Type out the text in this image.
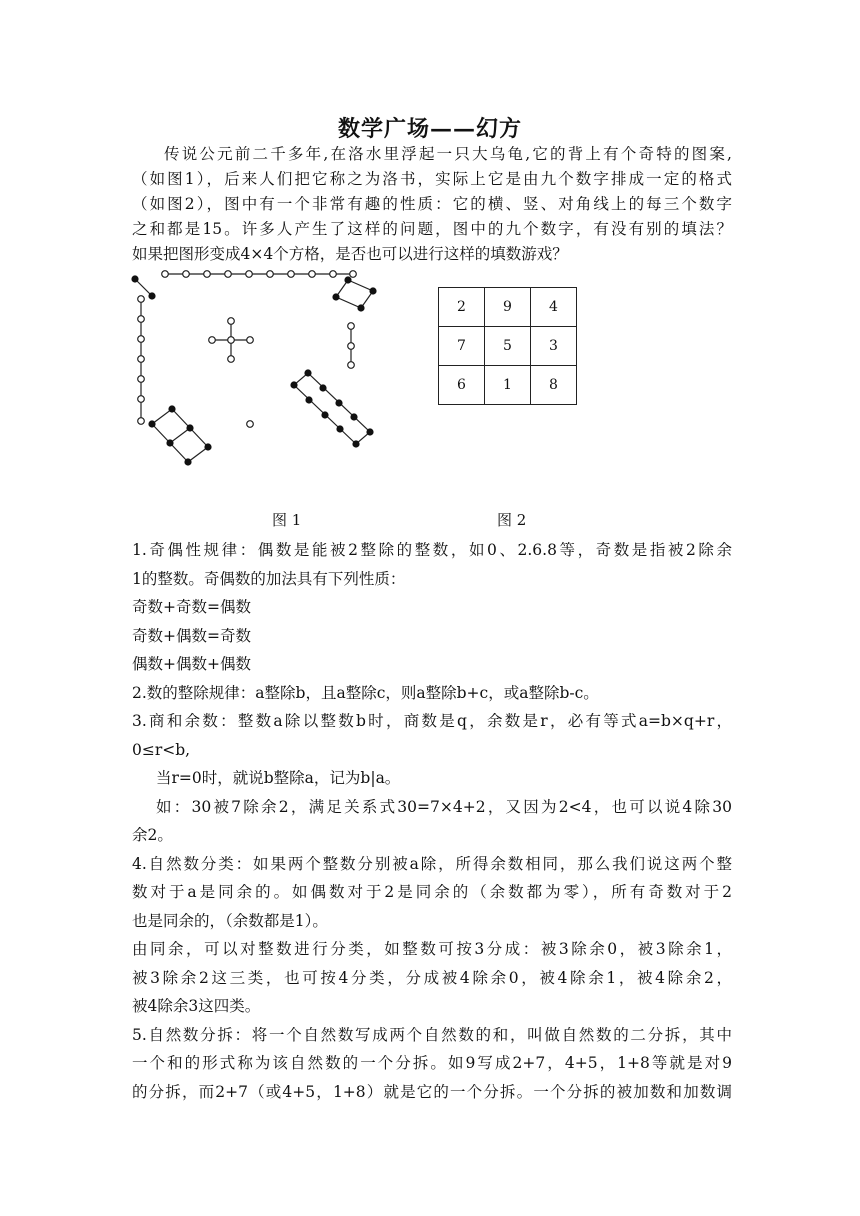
数学广场——幻方
传说公元前二千多年,在洛水里浮起一只大乌龟,它的背上有个奇特的图案,
（如图1），后来人们把它称之为洛书，实际上它是由九个数字排成一定的格式
（如图2），图中有一个非常有趣的性质：它的横、竖、对角线上的每三个数字
之和都是15。许多人产生了这样的问题，图中的九个数字，有没有别的填法？
如果把图形变成4×4个方格，是否也可以进行这样的填数游戏？
2	9	4
7	5	3
6	1	8
图 1	图 2
1.奇偶性规律：偶数是能被2整除的整数，如0、2.6.8等，奇数是指被2除余
1的整数。奇偶数的加法具有下列性质：
奇数+奇数=偶数
奇数+偶数=奇数
偶数+偶数+偶数
2.数的整除规律：a整除b，且a整除c，则a整除b+c，或a整除b-c。
3.商和余数：整数a除以整数b时，商数是q，余数是r，必有等式a=b×q+r，
0≤r<b,
当r=0时，就说b整除a，记为b|a。
如：30被7除余2，满足关系式30=7×4+2，又因为2<4，也可以说4除30
余2。
4.自然数分类：如果两个整数分别被a除，所得余数相同，那么我们说这两个整
数对于a是同余的。如偶数对于2是同余的（余数都为零），所有奇数对于2
也是同余的，（余数都是1）。
由同余，可以对整数进行分类，如整数可按3分成：被3除余0，被3除余1，
被3除余2这三类，也可按4分类，分成被4除余0，被4除余1，被4除余2，
被4除余3这四类。
5.自然数分拆：将一个自然数写成两个自然数的和，叫做自然数的二分拆，其中
一个和的形式称为该自然数的一个分拆。如9写成2+7，4+5，1+8等就是对9
的分拆，而2+7（或4+5，1+8）就是它的一个分拆。一个分拆的被加数和加数调
